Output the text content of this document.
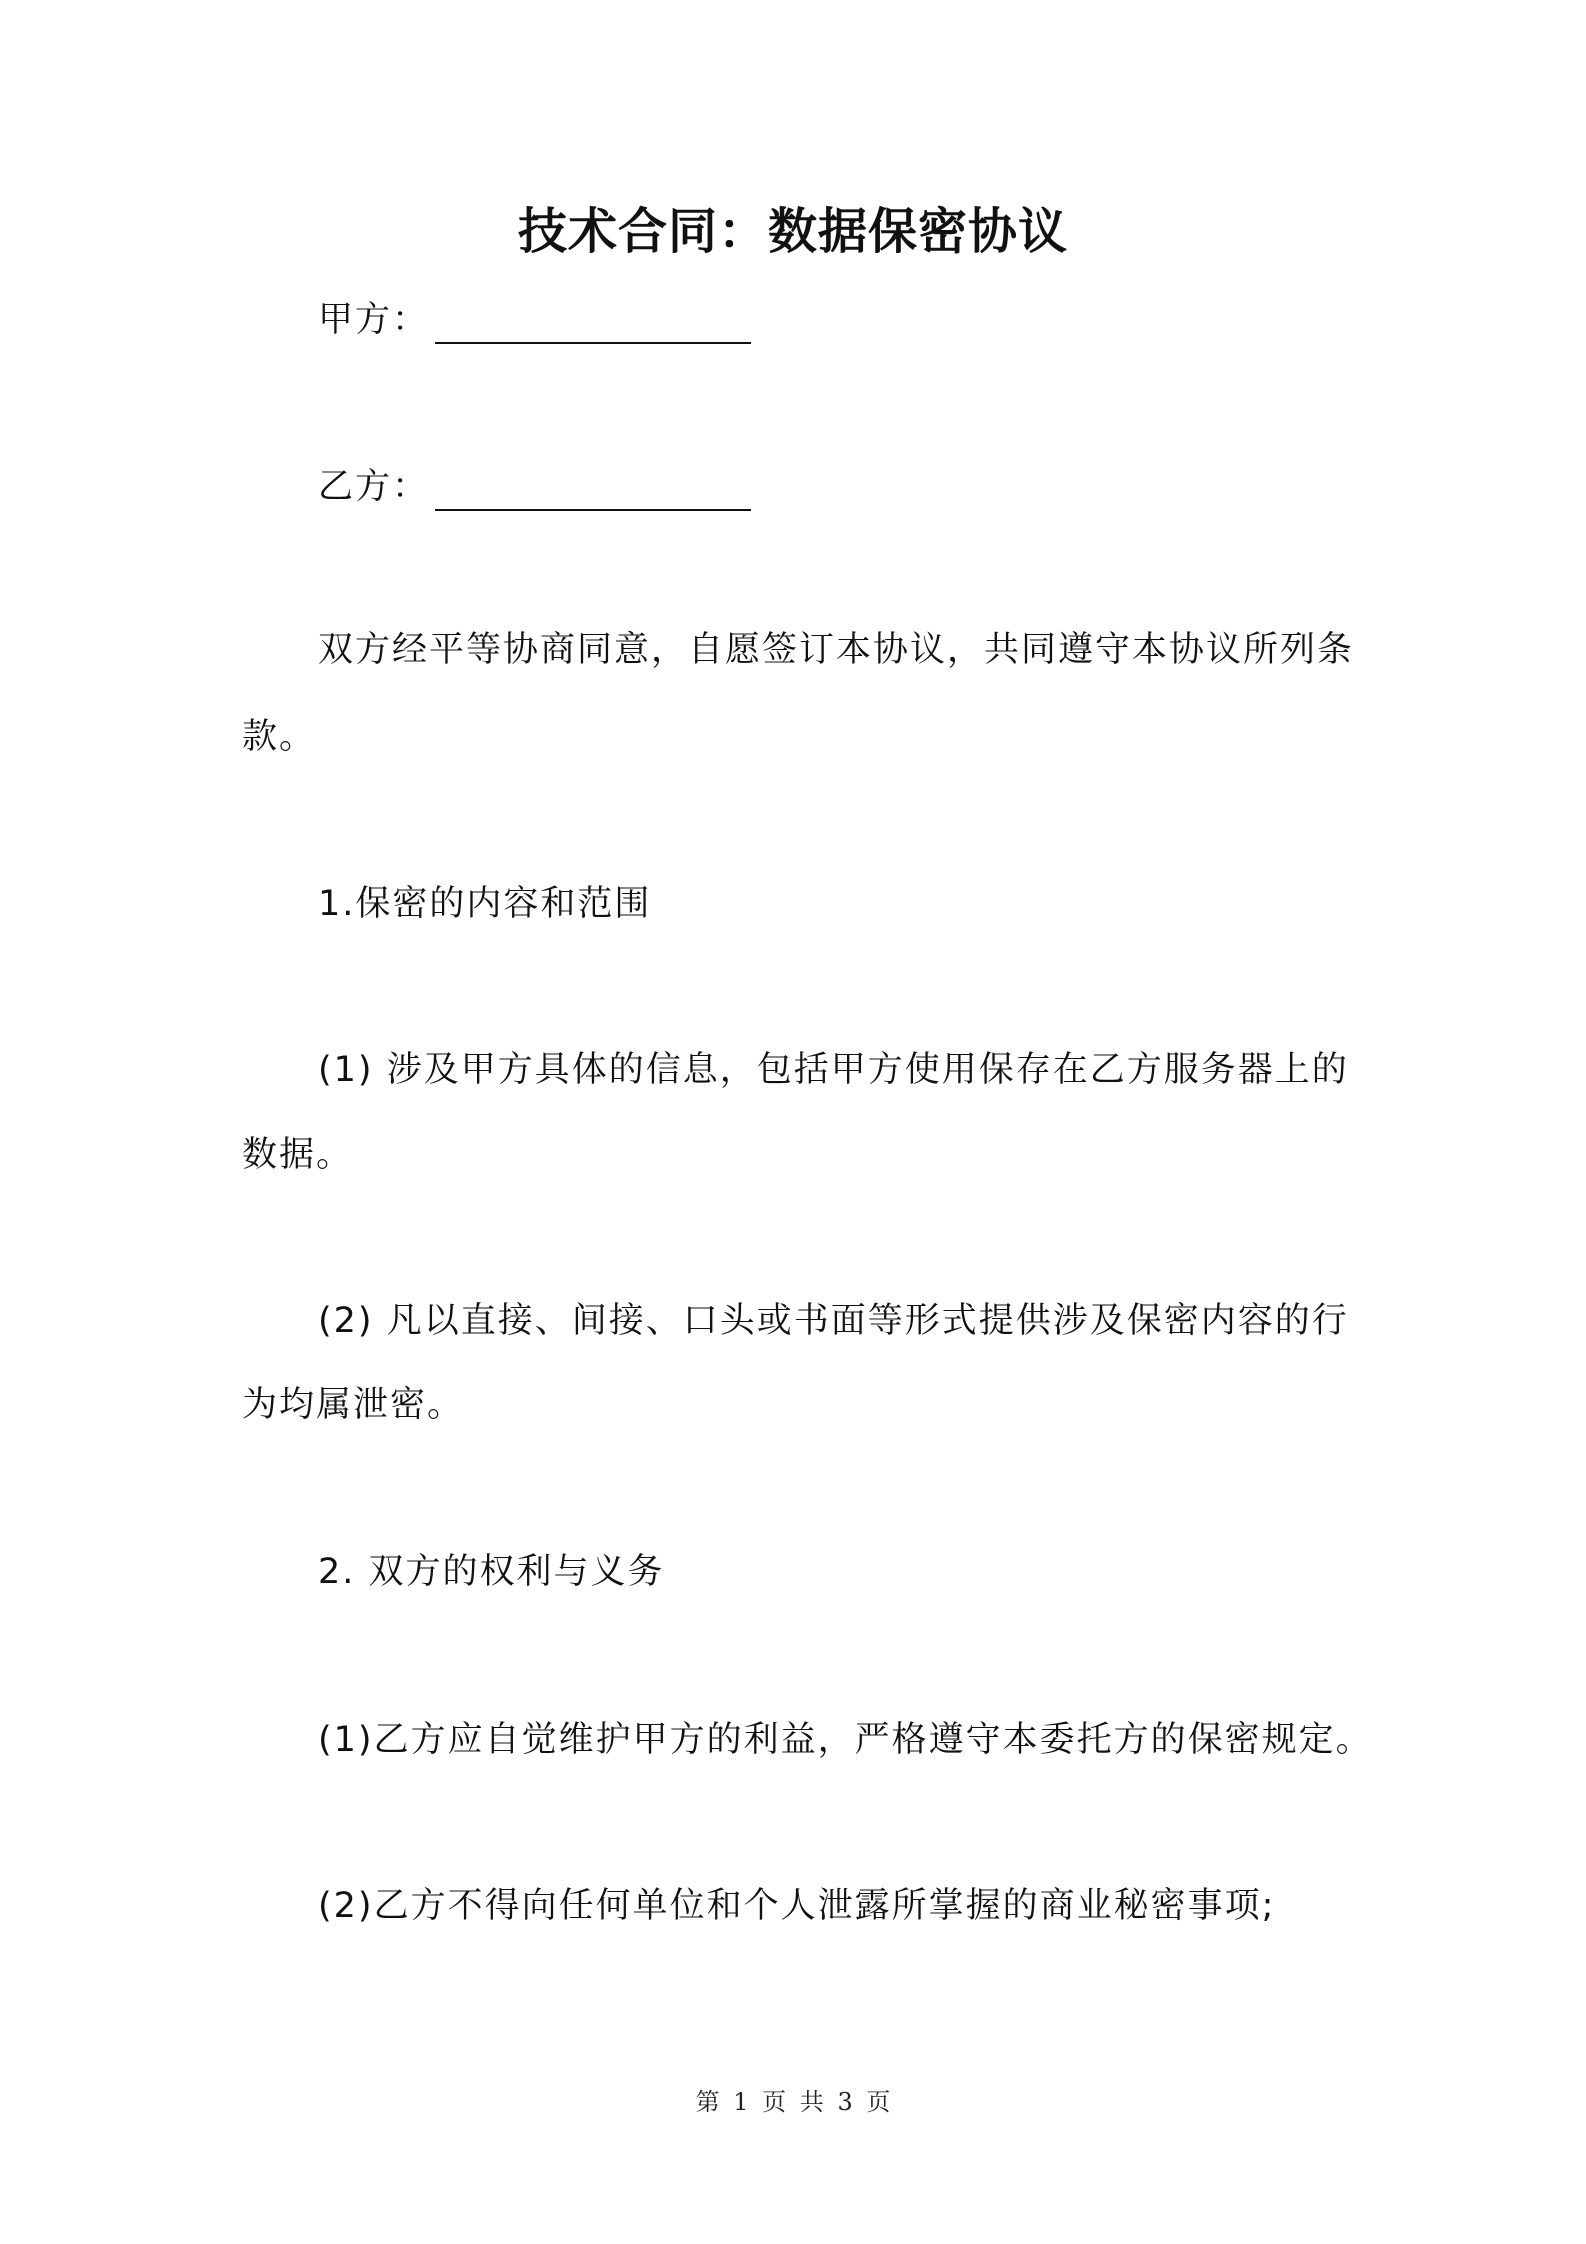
技术合同：数据保密协议
甲方：
乙方：
双方经平等协商同意，自愿签订本协议，共同遵守本协议所列条
款。
1.保密的内容和范围
(1) 涉及甲方具体的信息，包括甲方使用保存在乙方服务器上的
数据。
(2) 凡以直接、间接、口头或书面等形式提供涉及保密内容的行
为均属泄密。
2. 双方的权利与义务
(1)乙方应自觉维护甲方的利益，严格遵守本委托方的保密规定。
(2)乙方不得向任何单位和个人泄露所掌握的商业秘密事项;
第 1 页 共 3 页
